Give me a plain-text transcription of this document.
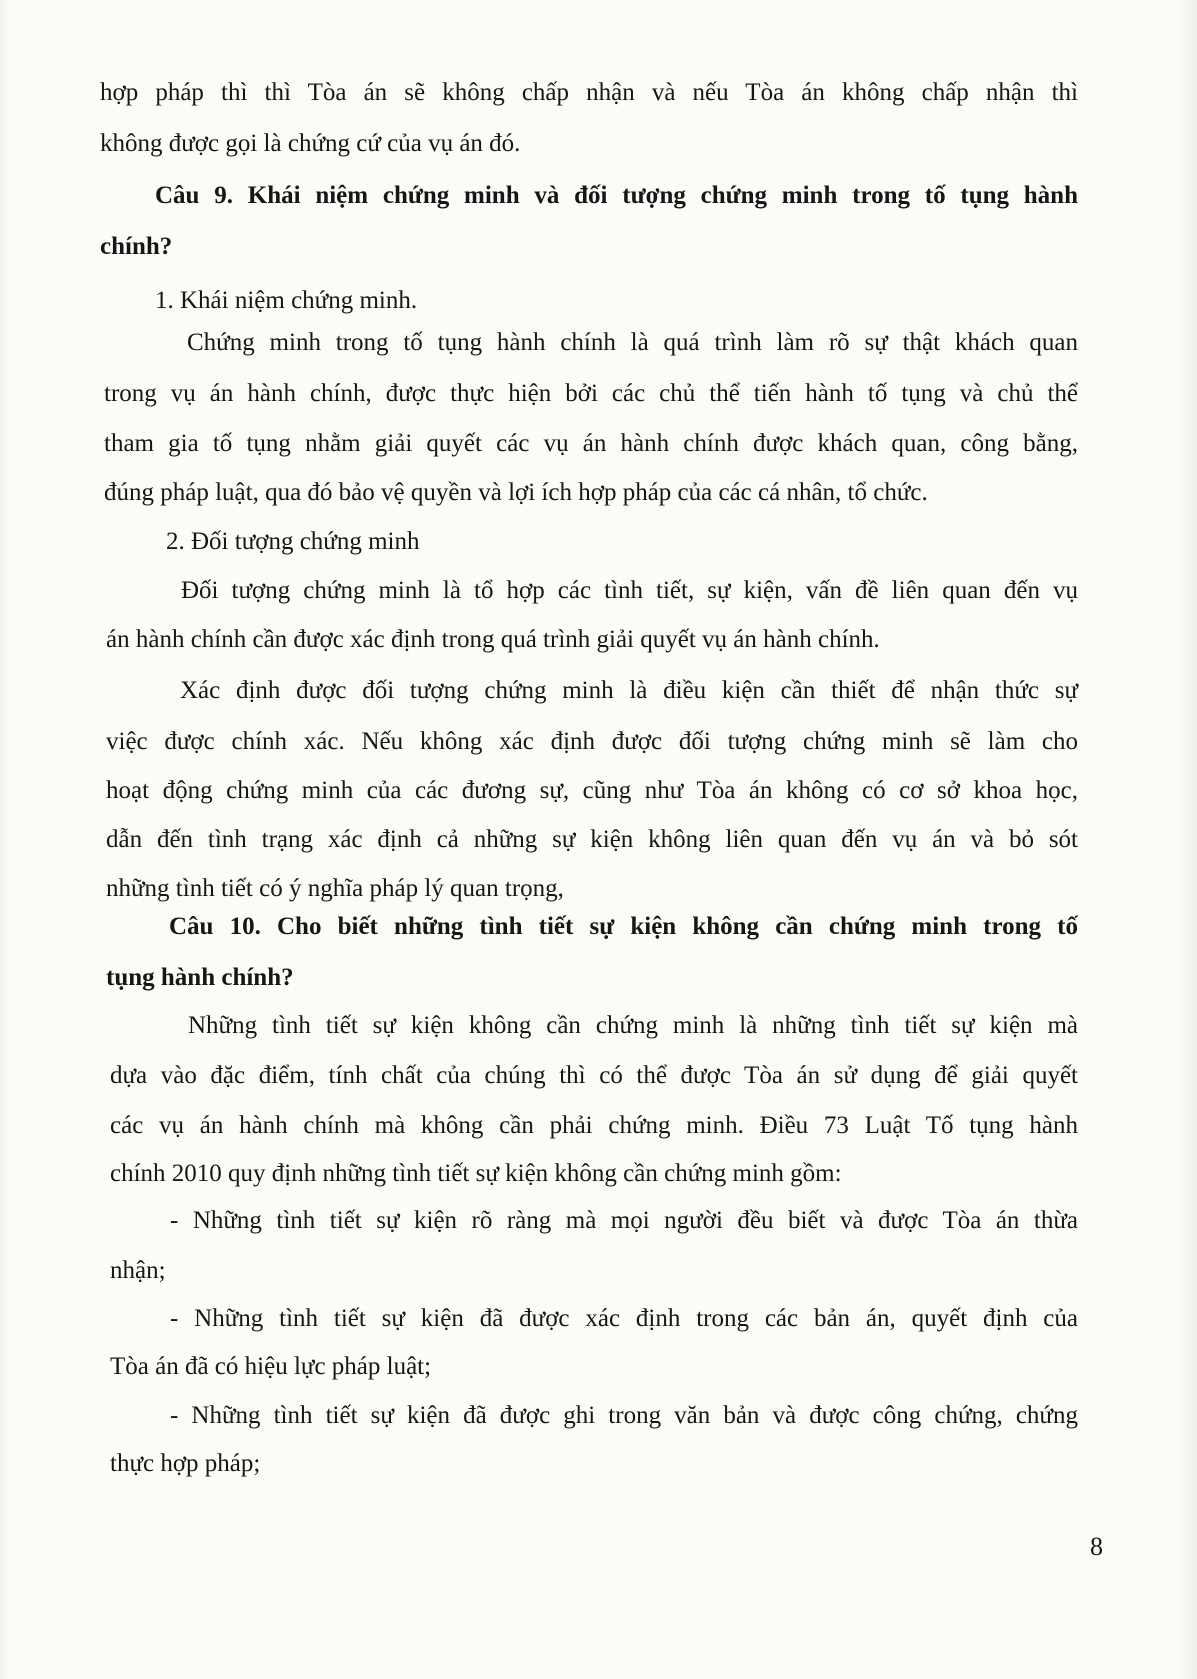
hợp pháp thì thì Tòa án sẽ không chấp nhận và nếu Tòa án không chấp nhận thì
không được gọi là chứng cứ của vụ án đó.
Câu 9. Khái niệm chứng minh và đối tượng chứng minh trong tố tụng hành
chính?
1. Khái niệm chứng minh.
Chứng minh trong tố tụng hành chính là quá trình làm rõ sự thật khách quan
trong vụ án hành chính, được thực hiện bởi các chủ thể tiến hành tố tụng và chủ thể
tham gia tố tụng nhằm giải quyết các vụ án hành chính được khách quan, công bằng,
đúng pháp luật, qua đó bảo vệ quyền và lợi ích hợp pháp của các cá nhân, tổ chức.
2. Đối tượng chứng minh
Đối tượng chứng minh là tổ hợp các tình tiết, sự kiện, vấn đề liên quan đến vụ
án hành chính cần được xác định trong quá trình giải quyết vụ án hành chính.
Xác định được đối tượng chứng minh là điều kiện cần thiết để nhận thức sự
việc được chính xác. Nếu không xác định được đối tượng chứng minh sẽ làm cho
hoạt động chứng minh của các đương sự, cũng như Tòa án không có cơ sở khoa học,
dẫn đến tình trạng xác định cả những sự kiện không liên quan đến vụ án và bỏ sót
những tình tiết có ý nghĩa pháp lý quan trọng,
Câu 10. Cho biết những tình tiết sự kiện không cần chứng minh trong tố
tụng hành chính?
Những tình tiết sự kiện không cần chứng minh là những tình tiết sự kiện mà
dựa vào đặc điểm, tính chất của chúng thì có thể được Tòa án sử dụng để giải quyết
các vụ án hành chính mà không cần phải chứng minh. Điều 73 Luật Tố tụng hành
chính 2010 quy định những tình tiết sự kiện không cần chứng minh gồm:
- Những tình tiết sự kiện rõ ràng mà mọi người đều biết và được Tòa án thừa
nhận;
- Những tình tiết sự kiện đã được xác định trong các bản án, quyết định của
Tòa án đã có hiệu lực pháp luật;
- Những tình tiết sự kiện đã được ghi trong văn bản và được công chứng, chứng
thực hợp pháp;
8
